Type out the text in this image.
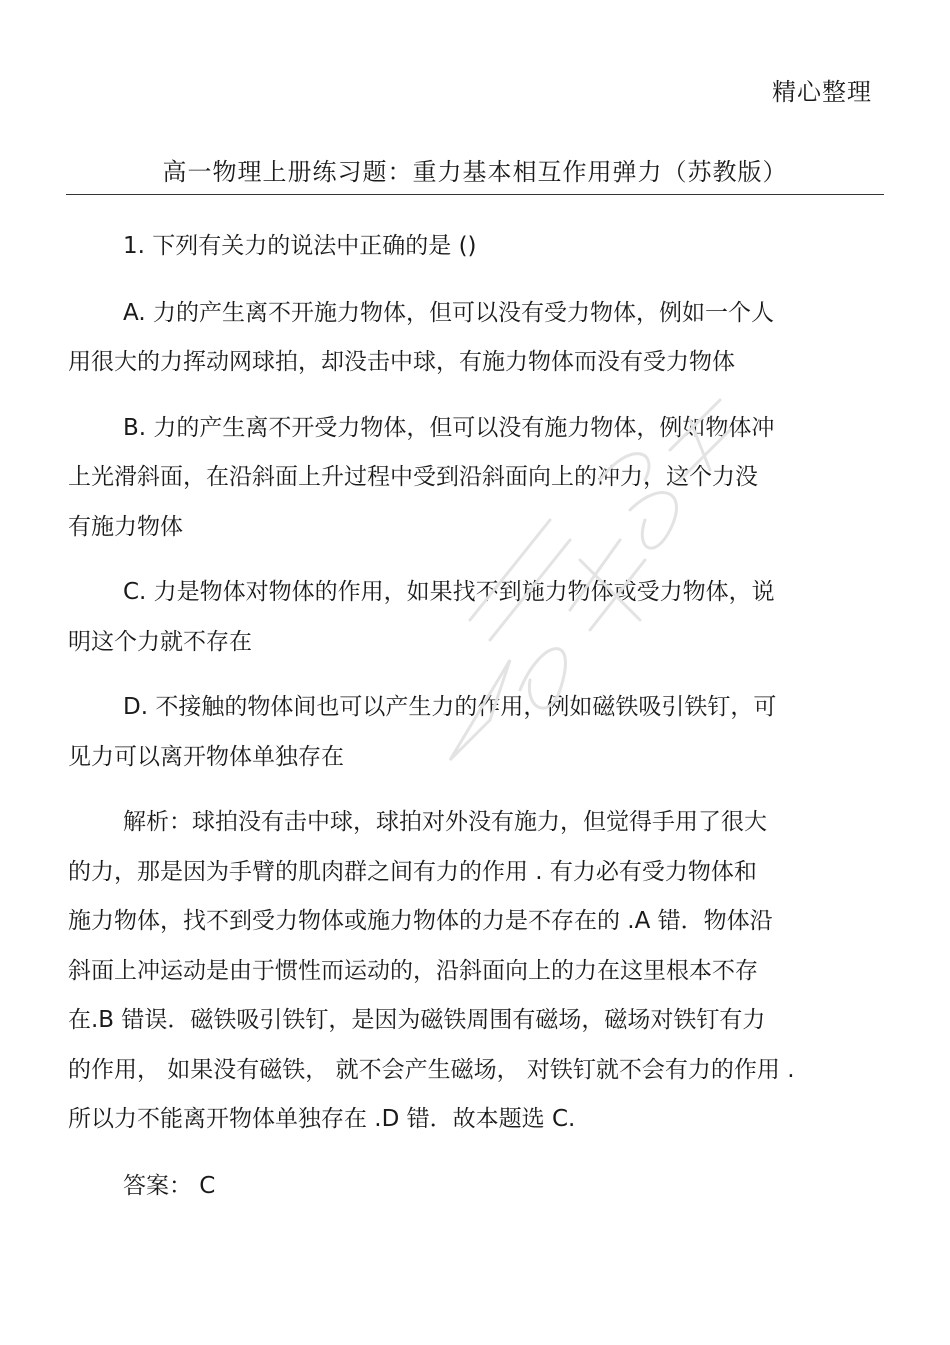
精心整理
高一物理上册练习题：重力基本相互作用弹力（苏教版）

1. 下列有关力的说法中正确的是 ()

A. 力的产生离不开施力物体，但可以没有受力物体，例如一个人
用很大的力挥动网球拍，却没击中球，有施力物体而没有受力物体

B. 力的产生离不开受力物体，但可以没有施力物体，例如物体冲
上光滑斜面，在沿斜面上升过程中受到沿斜面向上的冲力，这个力没
有施力物体

C. 力是物体对物体的作用，如果找不到施力物体或受力物体，说
明这个力就不存在

D. 不接触的物体间也可以产生力的作用，例如磁铁吸引铁钉，可
见力可以离开物体单独存在

解析：球拍没有击中球，球拍对外没有施力，但觉得手用了很大
的力，那是因为手臂的肌肉群之间有力的作用 . 有力必有受力物体和
施力物体，找不到受力物体或施力物体的力是不存在的 .A 错．物体沿
斜面上冲运动是由于惯性而运动的，沿斜面向上的力在这里根本不存
在.B 错误．磁铁吸引铁钉，是因为磁铁周围有磁场，磁场对铁钉有力
的作用， 如果没有磁铁， 就不会产生磁场， 对铁钉就不会有力的作用 .
所以力不能离开物体单独存在 .D 错．故本题选 C.

答案： C
